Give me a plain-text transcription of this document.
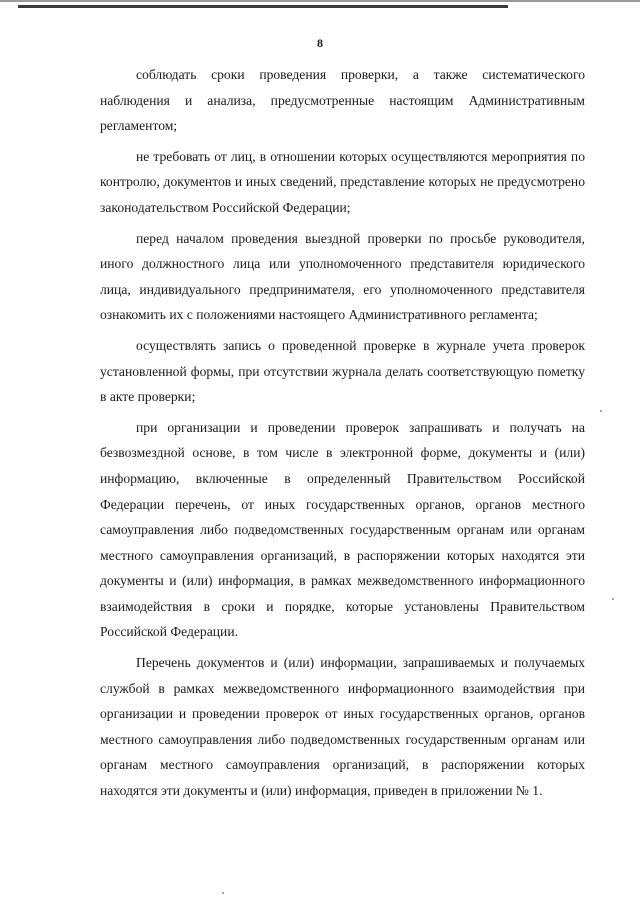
8

соблюдать сроки проведения проверки, а также систематического наблюдения и анализа, предусмотренные настоящим Административным регламентом;

не требовать от лиц, в отношении которых осуществляются мероприятия по контролю, документов и иных сведений, представление которых не предусмотрено законодательством Российской Федерации;

перед началом проведения выездной проверки по просьбе руководителя, иного должностного лица или уполномоченного представителя юридического лица, индивидуального предпринимателя, его уполномоченного представителя ознакомить их с положениями настоящего Административного регламента;

осуществлять запись о проведенной проверке в журнале учета проверок установленной формы, при отсутствии журнала делать соответствующую пометку в акте проверки;

при организации и проведении проверок запрашивать и получать на безвозмездной основе, в том числе в электронной форме, документы и (или) информацию, включенные в определенный Правительством Российской Федерации перечень, от иных государственных органов, органов местного самоуправления либо подведомственных государственным органам или органам местного самоуправления организаций, в распоряжении которых находятся эти документы и (или) информация, в рамках межведомственного информационного взаимодействия в сроки и порядке, которые установлены Правительством Российской Федерации.

Перечень документов и (или) информации, запрашиваемых и получаемых службой в рамках межведомственного информационного взаимодействия при организации и проведении проверок от иных государственных органов, органов местного самоуправления либо подведомственных государственным органам или органам местного самоуправления организаций, в распоряжении которых находятся эти документы и (или) информация, приведен в приложении № 1.
